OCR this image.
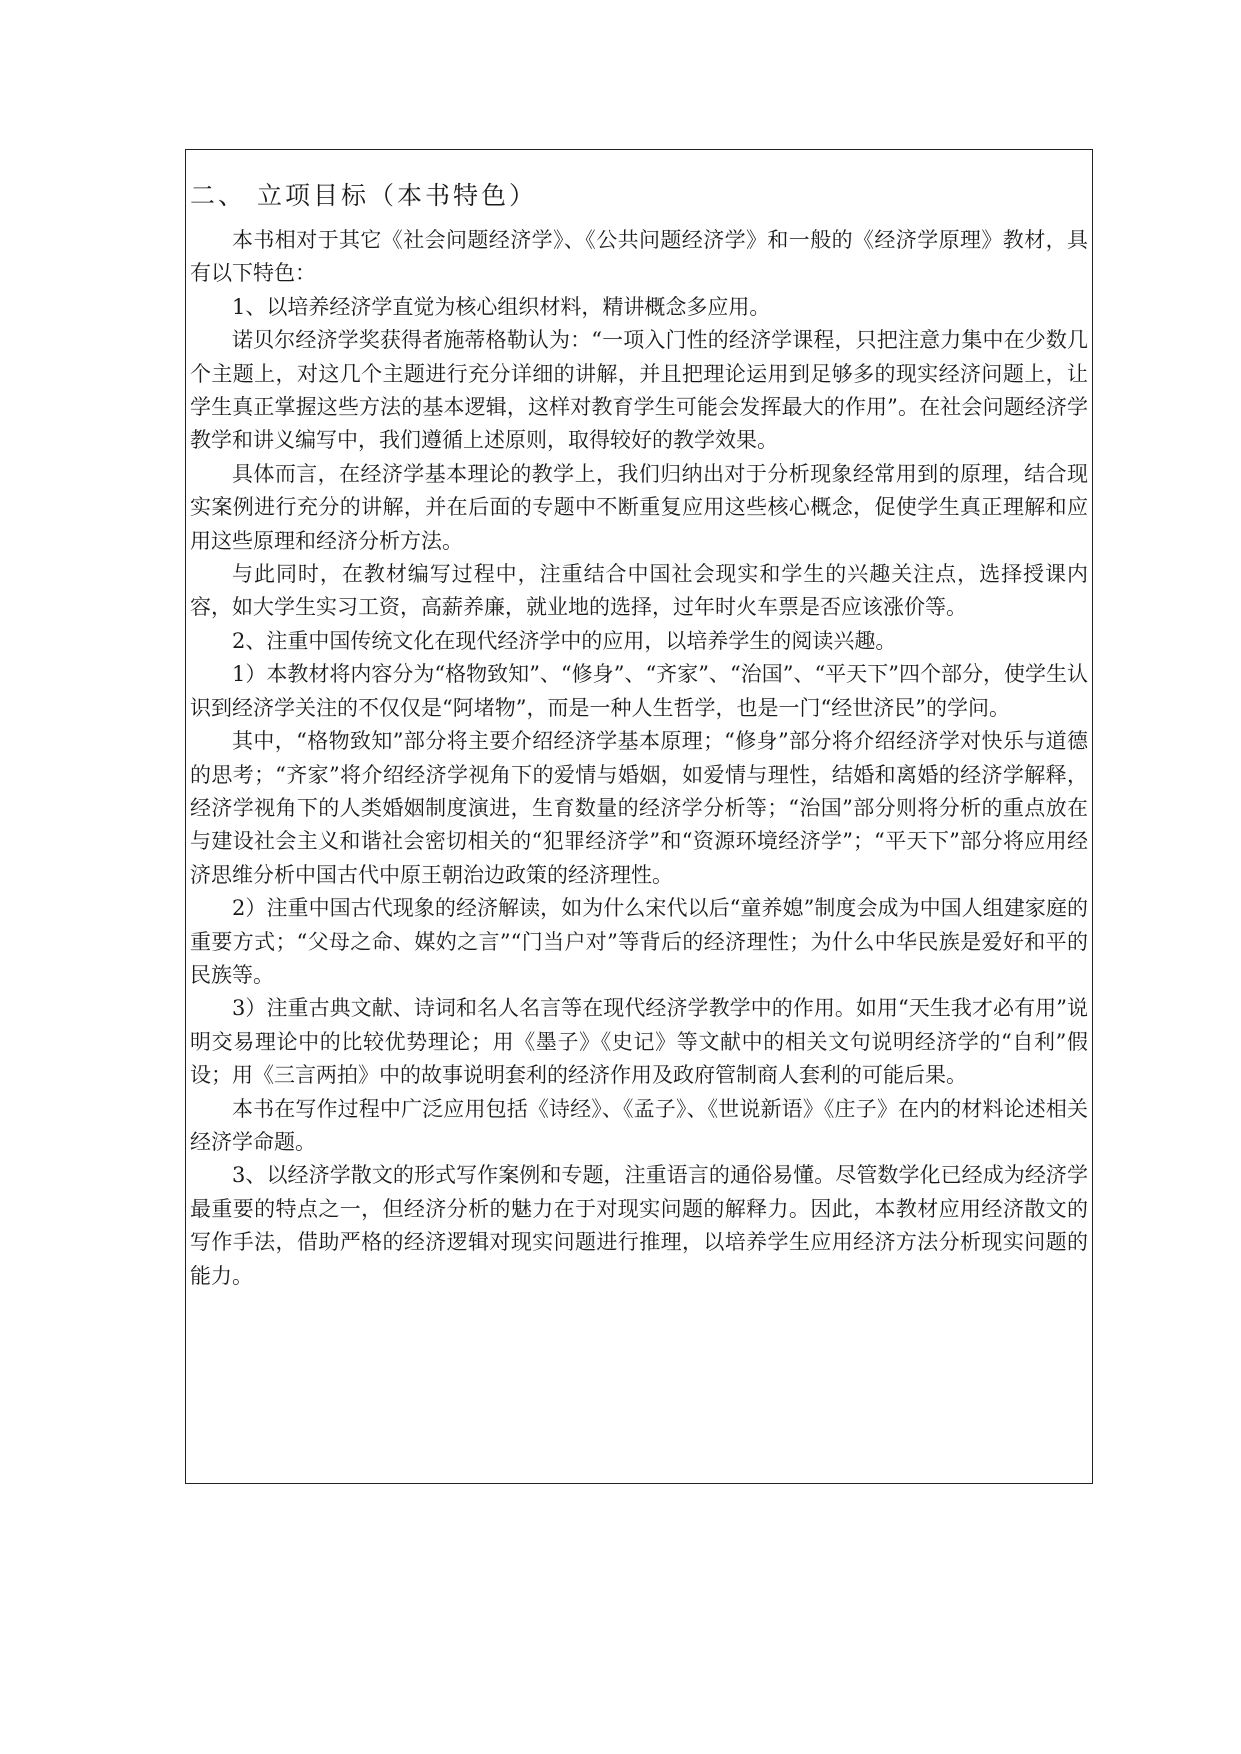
二、 立项目标（本书特色）

本书相对于其它《社会问题经济学》、《公共问题经济学》和一般的《经济学原理》教材，具有以下特色：

1、以培养经济学直觉为核心组织材料，精讲概念多应用。

诺贝尔经济学奖获得者施蒂格勒认为：“一项入门性的经济学课程，只把注意力集中在少数几个主题上，对这几个主题进行充分详细的讲解，并且把理论运用到足够多的现实经济问题上，让学生真正掌握这些方法的基本逻辑，这样对教育学生可能会发挥最大的作用”。在社会问题经济学教学和讲义编写中，我们遵循上述原则，取得较好的教学效果。

具体而言，在经济学基本理论的教学上，我们归纳出对于分析现象经常用到的原理，结合现实案例进行充分的讲解，并在后面的专题中不断重复应用这些核心概念，促使学生真正理解和应用这些原理和经济分析方法。

与此同时，在教材编写过程中，注重结合中国社会现实和学生的兴趣关注点，选择授课内容，如大学生实习工资，高薪养廉，就业地的选择，过年时火车票是否应该涨价等。

2、注重中国传统文化在现代经济学中的应用，以培养学生的阅读兴趣。

1）本教材将内容分为“格物致知”、“修身”、“齐家”、“治国”、“平天下”四个部分，使学生认识到经济学关注的不仅仅是“阿堵物”，而是一种人生哲学，也是一门“经世济民”的学问。

其中，“格物致知”部分将主要介绍经济学基本原理；“修身”部分将介绍经济学对快乐与道德的思考；“齐家”将介绍经济学视角下的爱情与婚姻，如爱情与理性，结婚和离婚的经济学解释，经济学视角下的人类婚姻制度演进，生育数量的经济学分析等；“治国”部分则将分析的重点放在与建设社会主义和谐社会密切相关的“犯罪经济学”和“资源环境经济学”；“平天下”部分将应用经济思维分析中国古代中原王朝治边政策的经济理性。

2）注重中国古代现象的经济解读，如为什么宋代以后“童养媳”制度会成为中国人组建家庭的重要方式；“父母之命、媒妁之言”“门当户对”等背后的经济理性；为什么中华民族是爱好和平的民族等。

3）注重古典文献、诗词和名人名言等在现代经济学教学中的作用。如用“天生我才必有用”说明交易理论中的比较优势理论；用《墨子》《史记》等文献中的相关文句说明经济学的“自利”假设；用《三言两拍》中的故事说明套利的经济作用及政府管制商人套利的可能后果。

本书在写作过程中广泛应用包括《诗经》、《孟子》、《世说新语》《庄子》在内的材料论述相关经济学命题。

3、以经济学散文的形式写作案例和专题，注重语言的通俗易懂。尽管数学化已经成为经济学最重要的特点之一，但经济分析的魅力在于对现实问题的解释力。因此，本教材应用经济散文的写作手法，借助严格的经济逻辑对现实问题进行推理，以培养学生应用经济方法分析现实问题的能力。
